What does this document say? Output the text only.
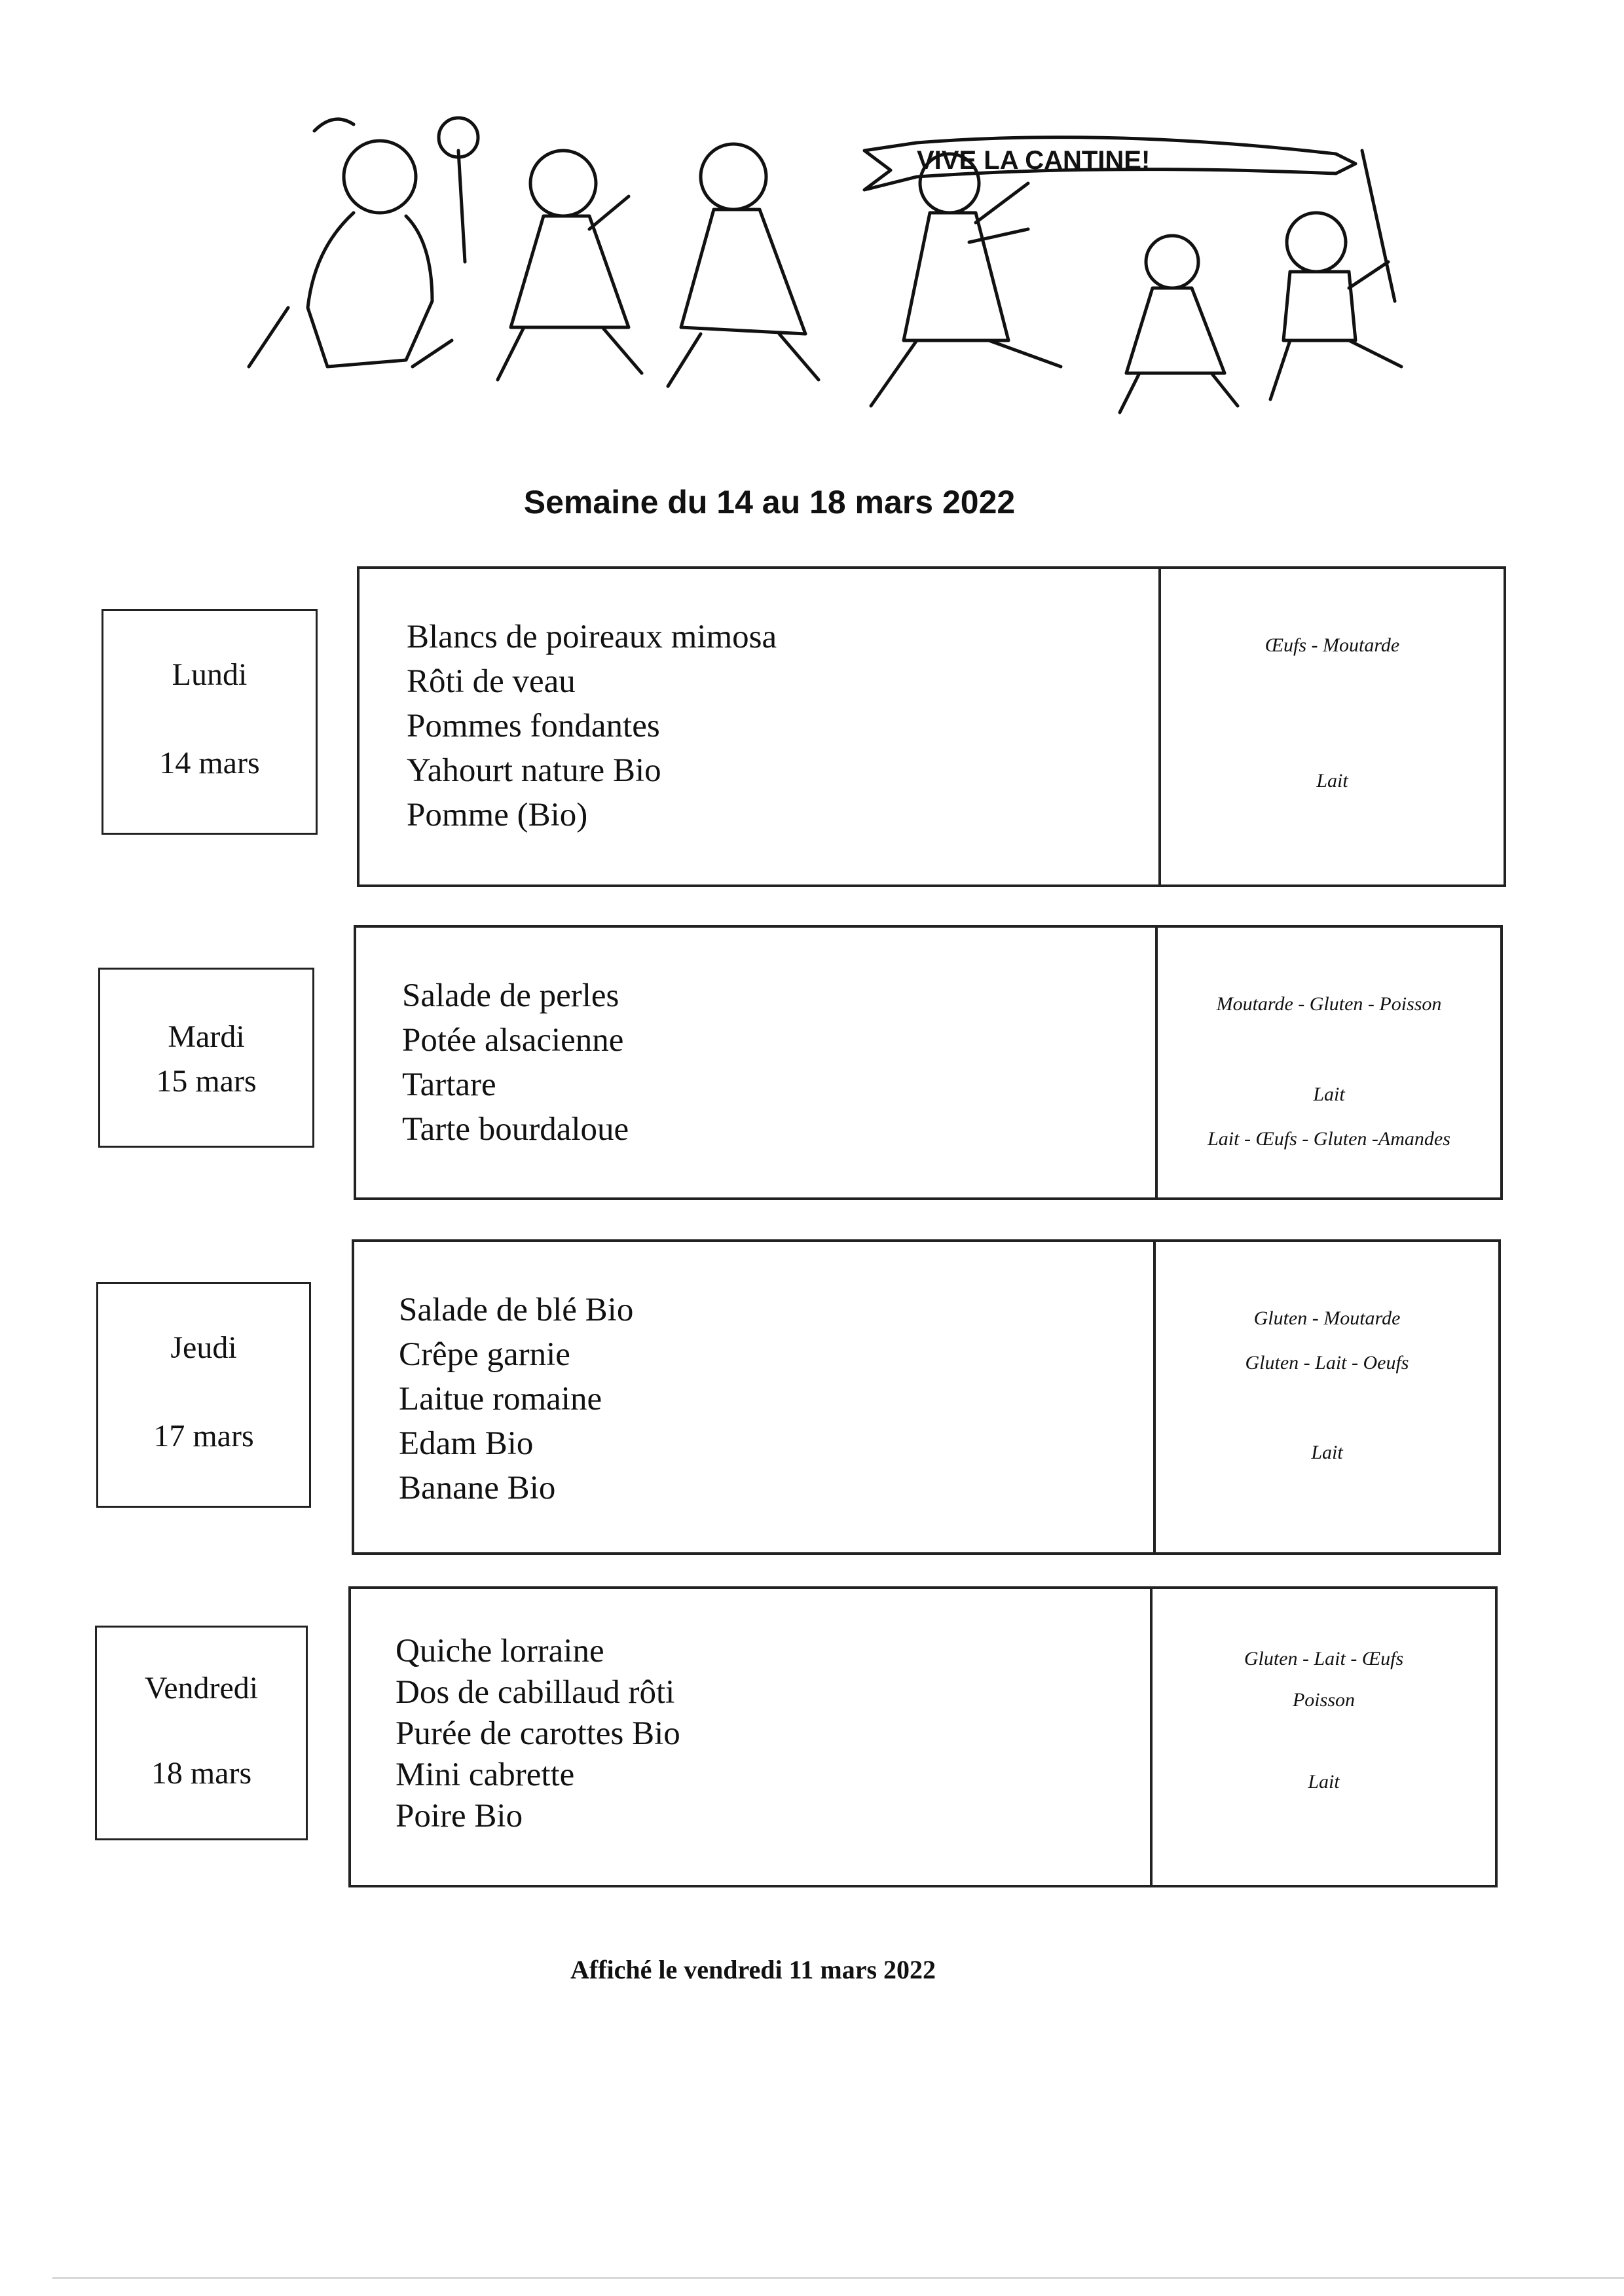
VIVE LA CANTINE!
Semaine du 14 au 18 mars 2022
Lundi
14 mars
Blancs de poireaux mimosa
Rôti de veau
Pommes fondantes
Yahourt nature Bio
Pomme (Bio)
Œufs - Moutarde
Lait
Mardi
15 mars
Salade de perles
Potée alsacienne
Tartare
Tarte bourdaloue
Moutarde - Gluten - Poisson
Lait
Lait - Œufs - Gluten -Amandes
Jeudi
17 mars
Salade de blé Bio
Crêpe garnie
Laitue romaine
Edam Bio
Banane Bio
Gluten - Moutarde
Gluten - Lait - Oeufs
Lait
Vendredi
18 mars
Quiche lorraine
Dos de cabillaud rôti
Purée de carottes Bio
Mini cabrette
Poire Bio
Gluten - Lait - Œufs
Poisson
Lait
Affiché le vendredi 11 mars 2022
